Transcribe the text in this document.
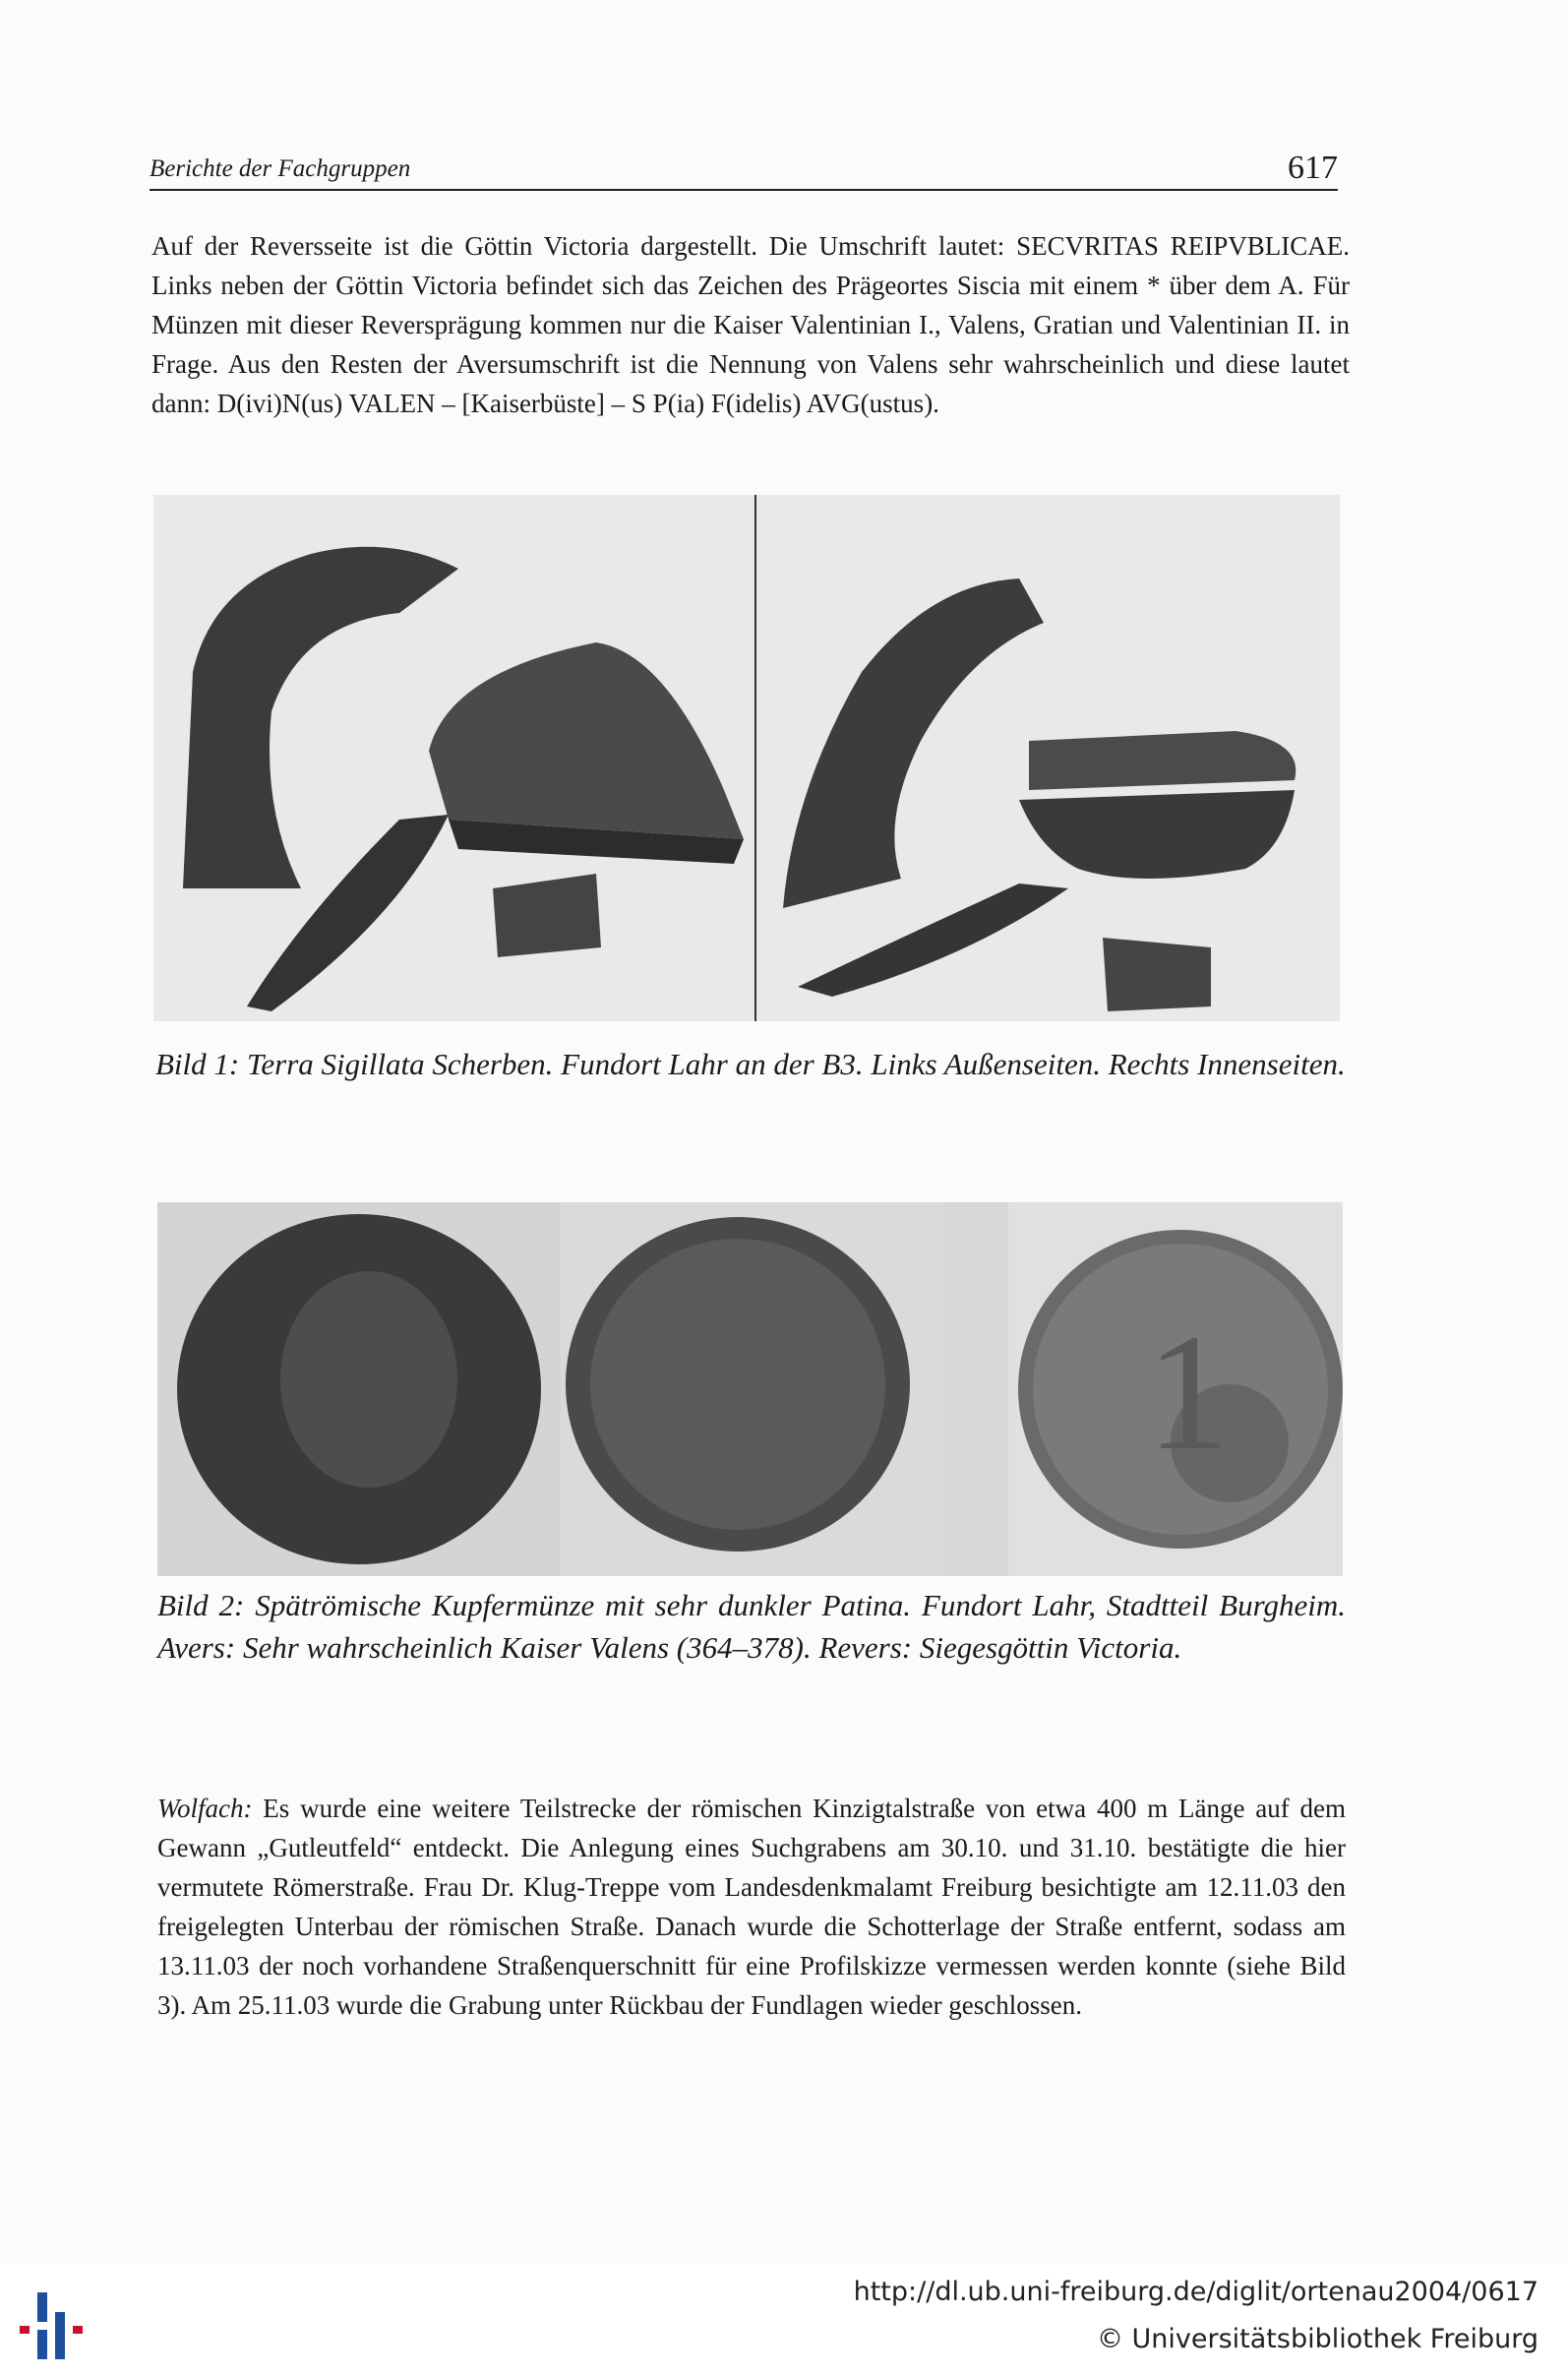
Berichte der Fachgruppen	617

Auf der Reversseite ist die Göttin Victoria dargestellt. Die Umschrift lautet: SECVRITAS REIPVBLICAE. Links neben der Göttin Victoria befindet sich das Zeichen des Prägeortes Siscia mit einem * über dem A. Für Münzen mit dieser Reversprägung kommen nur die Kaiser Valentinian I., Valens, Gratian und Valentinian II. in Frage. Aus den Resten der Aversumschrift ist die Nennung von Valens sehr wahrscheinlich und diese lautet dann: D(ivi)N(us) VALEN – [Kaiserbüste] – S P(ia) F(idelis) AVG(ustus).

Bild 1: Terra Sigillata Scherben. Fundort Lahr an der B3. Links Außenseiten. Rechts Innenseiten.

1

Bild 2: Spätrömische Kupfermünze mit sehr dunkler Patina. Fundort Lahr, Stadtteil Burgheim. Avers: Sehr wahrscheinlich Kaiser Valens (364–378). Revers: Siegesgöttin Victoria.

Wolfach: Es wurde eine weitere Teilstrecke der römischen Kinzigtalstraße von etwa 400 m Länge auf dem Gewann „Gutleutfeld“ entdeckt. Die Anlegung eines Suchgrabens am 30.10. und 31.10. bestätigte die hier vermutete Römerstraße. Frau Dr. Klug-Treppe vom Landesdenkmalamt Freiburg besichtigte am 12.11.03 den freigelegten Unterbau der römischen Straße. Danach wurde die Schotterlage der Straße entfernt, sodass am 13.11.03 der noch vorhandene Straßenquerschnitt für eine Profilskizze vermessen werden konnte (siehe Bild 3). Am 25.11.03 wurde die Grabung unter Rückbau der Fundlagen wieder geschlossen.

http://dl.ub.uni-freiburg.de/diglit/ortenau2004/0617
© Universitätsbibliothek Freiburg
